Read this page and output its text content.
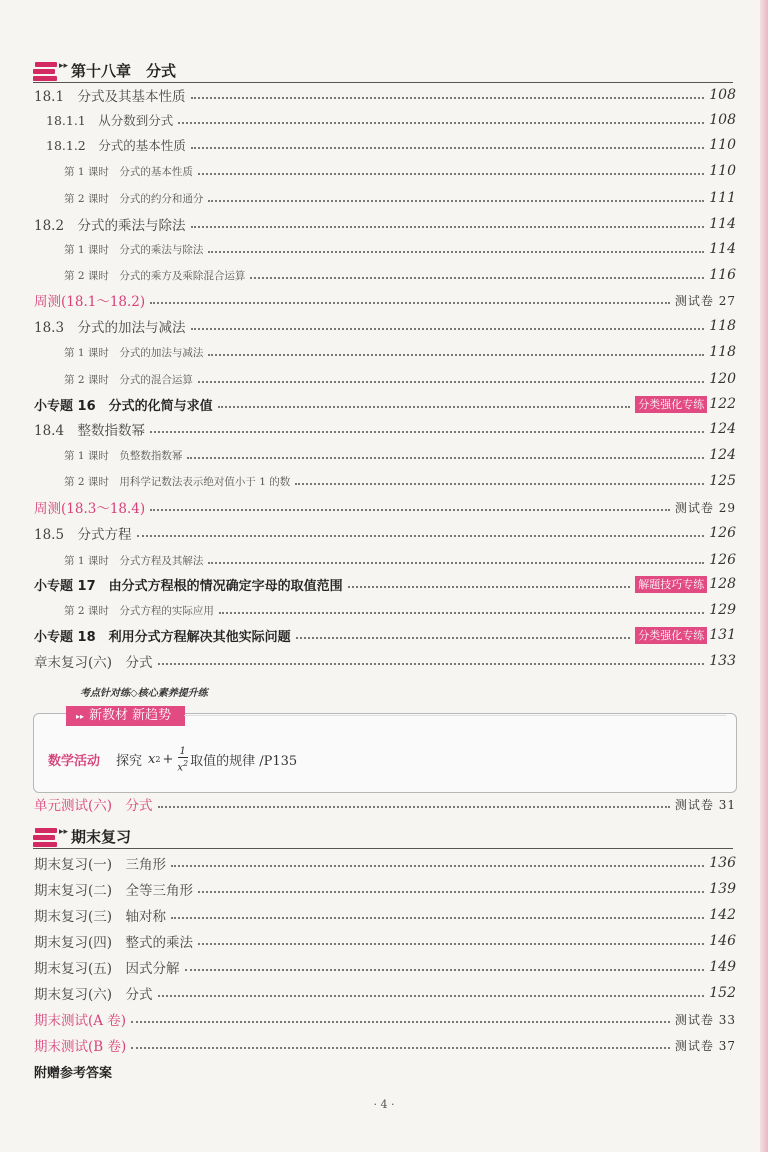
▸▸ 第十八章　分式
18.1　分式及其基本性质	108
18.1.1　从分数到分式	108
18.1.2　分式的基本性质	110
第 1 课时　分式的基本性质	110
第 2 课时　分式的约分和通分	111
18.2　分式的乘法与除法	114
第 1 课时　分式的乘法与除法	114
第 2 课时　分式的乘方及乘除混合运算	116
周测(18.1～18.2)	测试卷 27
18.3　分式的加法与减法	118
第 1 课时　分式的加法与减法	118
第 2 课时　分式的混合运算	120
小专题 16　分式的化简与求值	分类强化专练 122
18.4　整数指数幂	124
第 1 课时　负整数指数幂	124
第 2 课时　用科学记数法表示绝对值小于 1 的数	125
周测(18.3～18.4)	测试卷 29
18.5　分式方程	126
第 1 课时　分式方程及其解法	126
小专题 17　由分式方程根的情况确定字母的取值范围	解题技巧专练 128
第 2 课时　分式方程的实际应用	129
小专题 18　利用分式方程解决其他实际问题	分类强化专练 131
章末复习(六)　分式	133
考点针对练◇核心素养提升练
▸▸ 新教材 新趋势
数学活动 探究 x $2 + \frac{1}{x^2}$ 取值的规律 /P135
单元测试(六)　分式	测试卷 31
▸▸ 期末复习
期末复习(一)　三角形	136
期末复习(二)　全等三角形	139
期末复习(三)　轴对称	142
期末复习(四)　整式的乘法	146
期末复习(五)　因式分解	149
期末复习(六)　分式	152
期末测试(A 卷)	测试卷 33
期末测试(B 卷)	测试卷 37
附赠参考答案
· 4 ·
